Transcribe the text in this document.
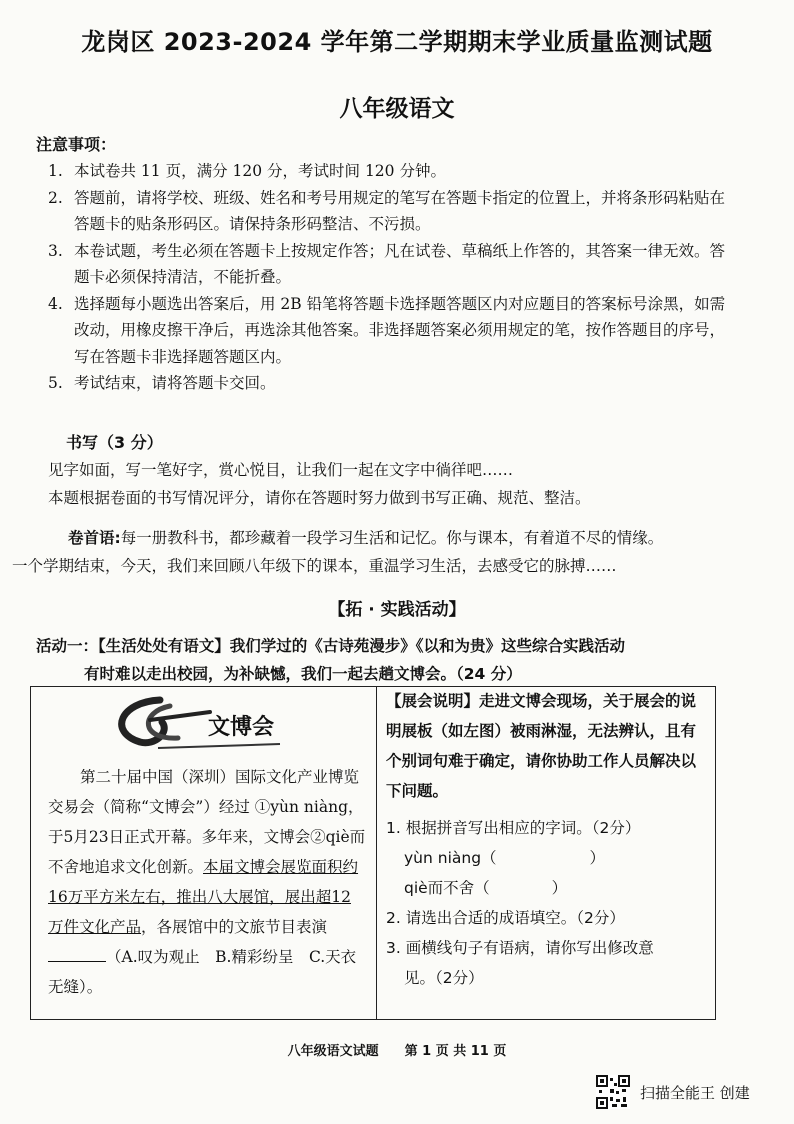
龙岗区 2023-2024 学年第二学期期末学业质量监测试题
八年级语文
注意事项：
1. 本试卷共 11 页，满分 120 分，考试时间 120 分钟。
2. 答题前，请将学校、班级、姓名和考号用规定的笔写在答题卡指定的位置上，并将条形码粘贴在答题卡的贴条形码区。请保持条形码整洁、不污损。
3. 本卷试题，考生必须在答题卡上按规定作答；凡在试卷、草稿纸上作答的，其答案一律无效。答题卡必须保持清洁，不能折叠。
4. 选择题每小题选出答案后，用 2B 铅笔将答题卡选择题答题区内对应题目的答案标号涂黑，如需改动，用橡皮擦干净后，再选涂其他答案。非选择题答案必须用规定的笔，按作答题目的序号，写在答题卡非选择题答题区内。
5. 考试结束，请将答题卡交回。
书写（3 分）
见字如面，写一笔好字，赏心悦目，让我们一起在文字中徜徉吧……
本题根据卷面的书写情况评分，请你在答题时努力做到书写正确、规范、整洁。
卷首语:每一册教科书，都珍藏着一段学习生活和记忆。你与课本，有着道不尽的情缘。
一个学期结束，今天，我们来回顾八年级下的课本，重温学习生活，去感受它的脉搏……
【拓 · 实践活动】
活动一：【生活处处有语文】我们学过的《古诗苑漫步》《以和为贵》这些综合实践活动
有时难以走出校园，为补缺憾，我们一起去趟文博会。（24 分）
文博会
第二十届中国（深圳）国际文化产业博览交易会（简称“文博会”）经过 ①yùn niàng，于5月23日正式开幕。多年来，文博会②qiè而不舍地追求文化创新。本届文博会展览面积约16万平方米左右，推出八大展馆，展出超12万件文化产品，各展馆中的文旅节目表演（A.叹为观止　B.精彩纷呈　C.天衣无缝）。
【展会说明】走进文博会现场，关于展会的说明展板（如左图）被雨淋湿，无法辨认，且有个别词句难于确定，请你协助工作人员解决以下问题。
1. 根据拼音写出相应的字词。（2分）
yùn niàng（　　　　　　）
qiè而不舍（　　　　）
2. 请选出合适的成语填空。（2分）
3. 画横线句子有语病，请你写出修改意
见。（2分）
八年级语文试题　　第 1 页 共 11 页
扫描全能王 创建
